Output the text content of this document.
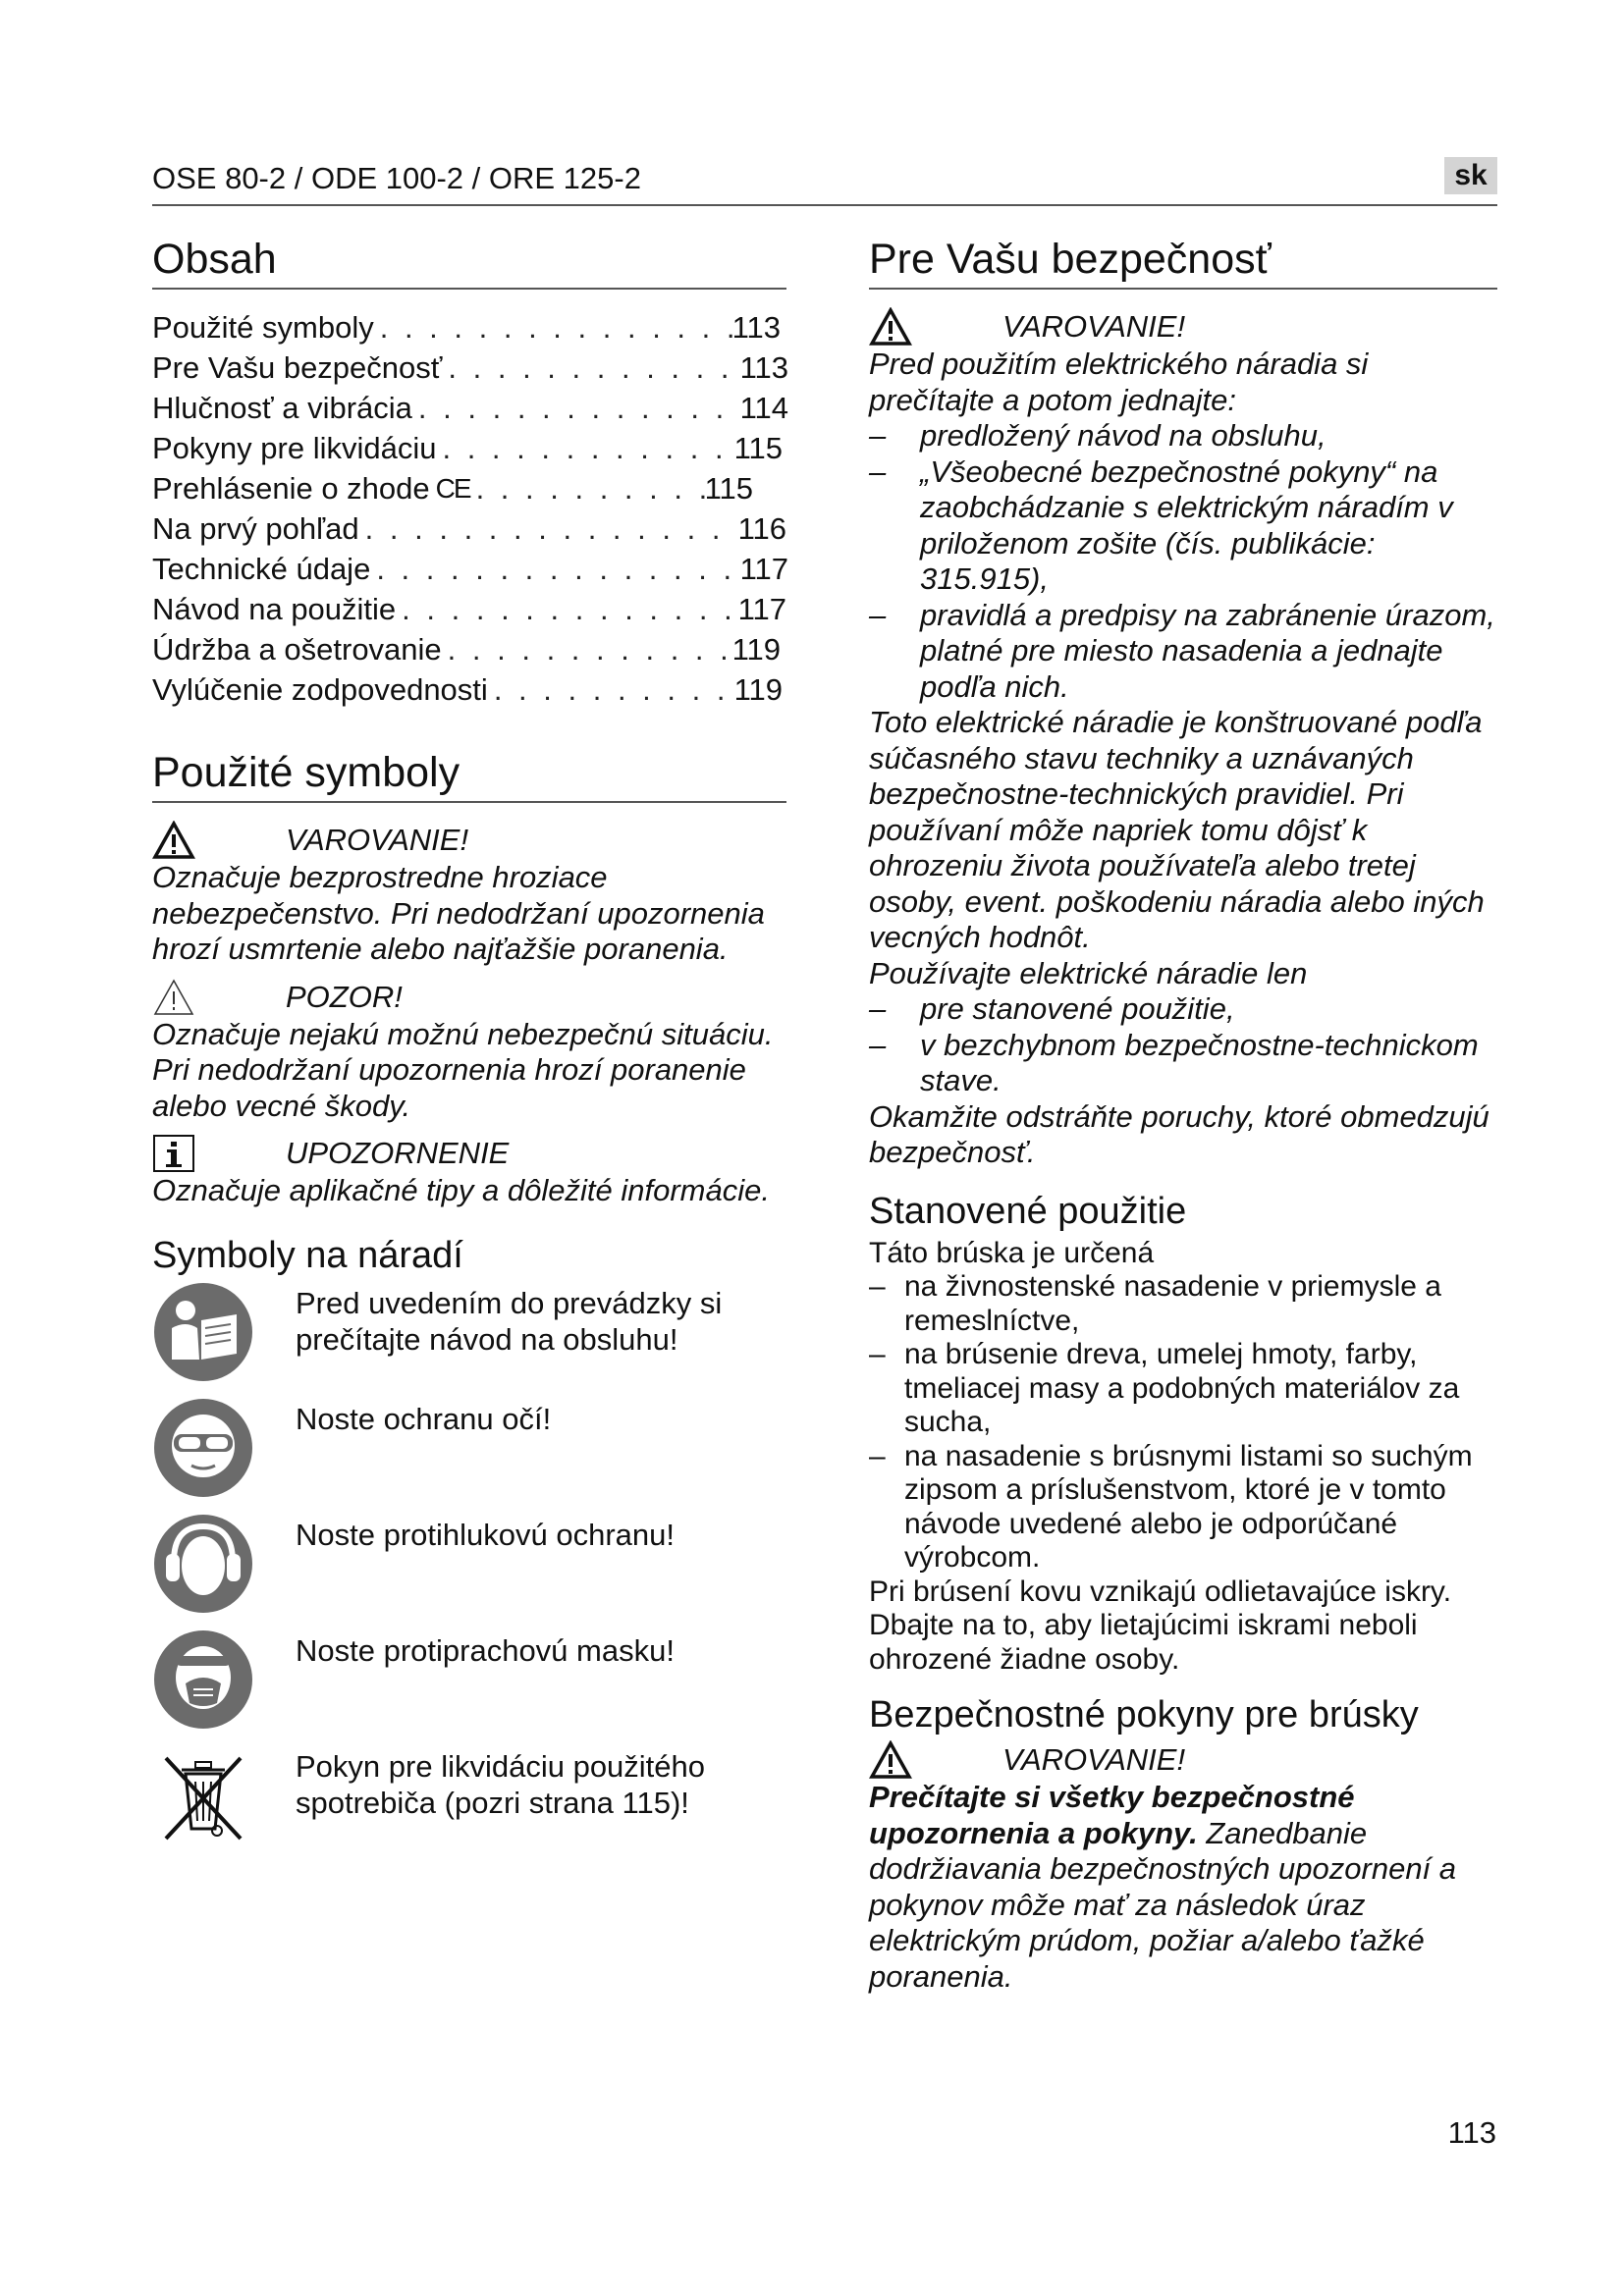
OSE 80-2 / ODE 100-2 / ORE 125-2	sk
Obsah
Použité symboly . . .	113
Pre Vašu bezpečnosť . . .	113
Hlučnosť a vibrácia . . .	114
Pokyny pre likvidáciu . . .	115
Prehlásenie o zhode CE . . .	115
Na prvý pohľad . . .	116
Technické údaje . . .	117
Návod na použitie . . .	117
Údržba a ošetrovanie . . .	119
Vylúčenie zodpovednosti . . .	119
Použité symboly
VAROVANIE!
Označuje bezprostredne hroziace nebezpečenstvo. Pri nedodržaní upozornenia hrozí usmrtenie alebo najťažšie poranenia.
POZOR!
Označuje nejakú možnú nebezpečnú situáciu. Pri nedodržaní upozornenia hrozí poranenie alebo vecné škody.
UPOZORNENIE
Označuje aplikačné tipy a dôležité informácie.
Symboly na náradí
Pred uvedením do prevádzky si prečítajte návod na obsluhu!
Noste ochranu očí!
Noste protihlukovú ochranu!
Noste protiprachovú masku!
Pokyn pre likvidáciu použitého spotrebiča (pozri strana 115)!
Pre Vašu bezpečnosť
VAROVANIE!
Pred použitím elektrického náradia si prečítajte a potom jednajte:
– predložený návod na obsluhu,
– „Všeobecné bezpečnostné pokyny“ na zaobchádzanie s elektrickým náradím v priloženom zošite (čís. publikácie: 315.915),
– pravidlá a predpisy na zabránenie úrazom, platné pre miesto nasadenia a jednajte podľa nich.
Toto elektrické náradie je konštruované podľa súčasného stavu techniky a uznávaných bezpečnostne-technických pravidiel. Pri používaní môže napriek tomu dôjsť k ohrozeniu života používateľa alebo tretej osoby, event. poškodeniu náradia alebo iných vecných hodnôt.
Používajte elektrické náradie len
– pre stanovené použitie,
– v bezchybnom bezpečnostne-technickom stave.
Okamžite odstráňte poruchy, ktoré obmedzujú bezpečnosť.
Stanovené použitie
Táto brúska je určená
– na živnostenské nasadenie v priemysle a remeslníctve,
– na brúsenie dreva, umelej hmoty, farby, tmeliacej masy a podobných materiálov za sucha,
– na nasadenie s brúsnymi listami so suchým zipsom a príslušenstvom, ktoré je v tomto návode uvedené alebo je odporúčané výrobcom.
Pri brúsení kovu vznikajú odlietavajúce iskry. Dbajte na to, aby lietajúcimi iskrami neboli ohrozené žiadne osoby.
Bezpečnostné pokyny pre brúsky
VAROVANIE!
Prečítajte si všetky bezpečnostné upozornenia a pokyny. Zanedbanie dodržiavania bezpečnostných upozornení a pokynov môže mať za následok úraz elektrickým prúdom, požiar a/alebo ťažké poranenia.
113
